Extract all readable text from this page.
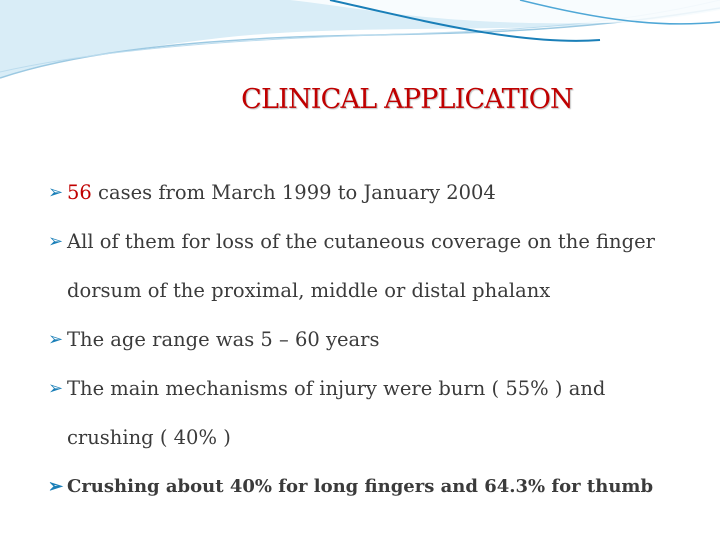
CLINICAL APPLICATION
➢ 56 cases from March 1999 to January 2004
➢ All of them for loss of the cutaneous coverage on the finger
dorsum of the proximal, middle or distal phalanx
➢ The age range was 5 – 60 years
➢ The main mechanisms of injury were burn ( 55% ) and
crushing ( 40% )
➢ Crushing about 40% for long fingers and 64.3% for thumb
